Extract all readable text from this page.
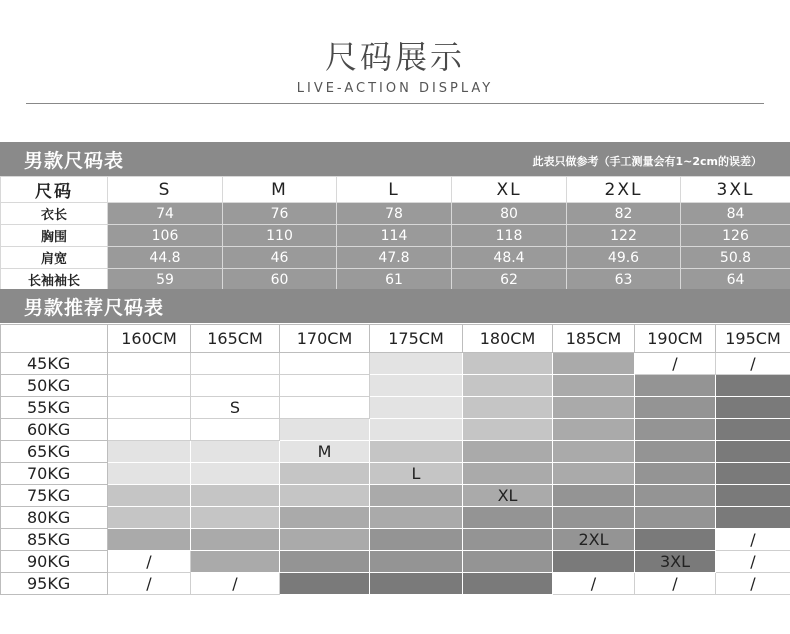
尺码展示
LIVE-ACTION DISPLAY
男款尺码表	此表只做参考（手工测量会有1~2cm的误差）
尺码	S	M	L	XL	2XL	3XL
衣长	74	76	78	80	82	84
胸围	106	110	114	118	122	126
肩宽	44.8	46	47.8	48.4	49.6	50.8
长袖袖长	59	60	61	62	63	64
男款推荐尺码表
	160CM	165CM	170CM	175CM	180CM	185CM	190CM	195CM
45KG							/	/
50KG								
55KG		S						
60KG								
65KG			M					
70KG				L				
75KG					XL			
80KG								
85KG						2XL		/
90KG	/						3XL	/
95KG	/	/				/	/	/
